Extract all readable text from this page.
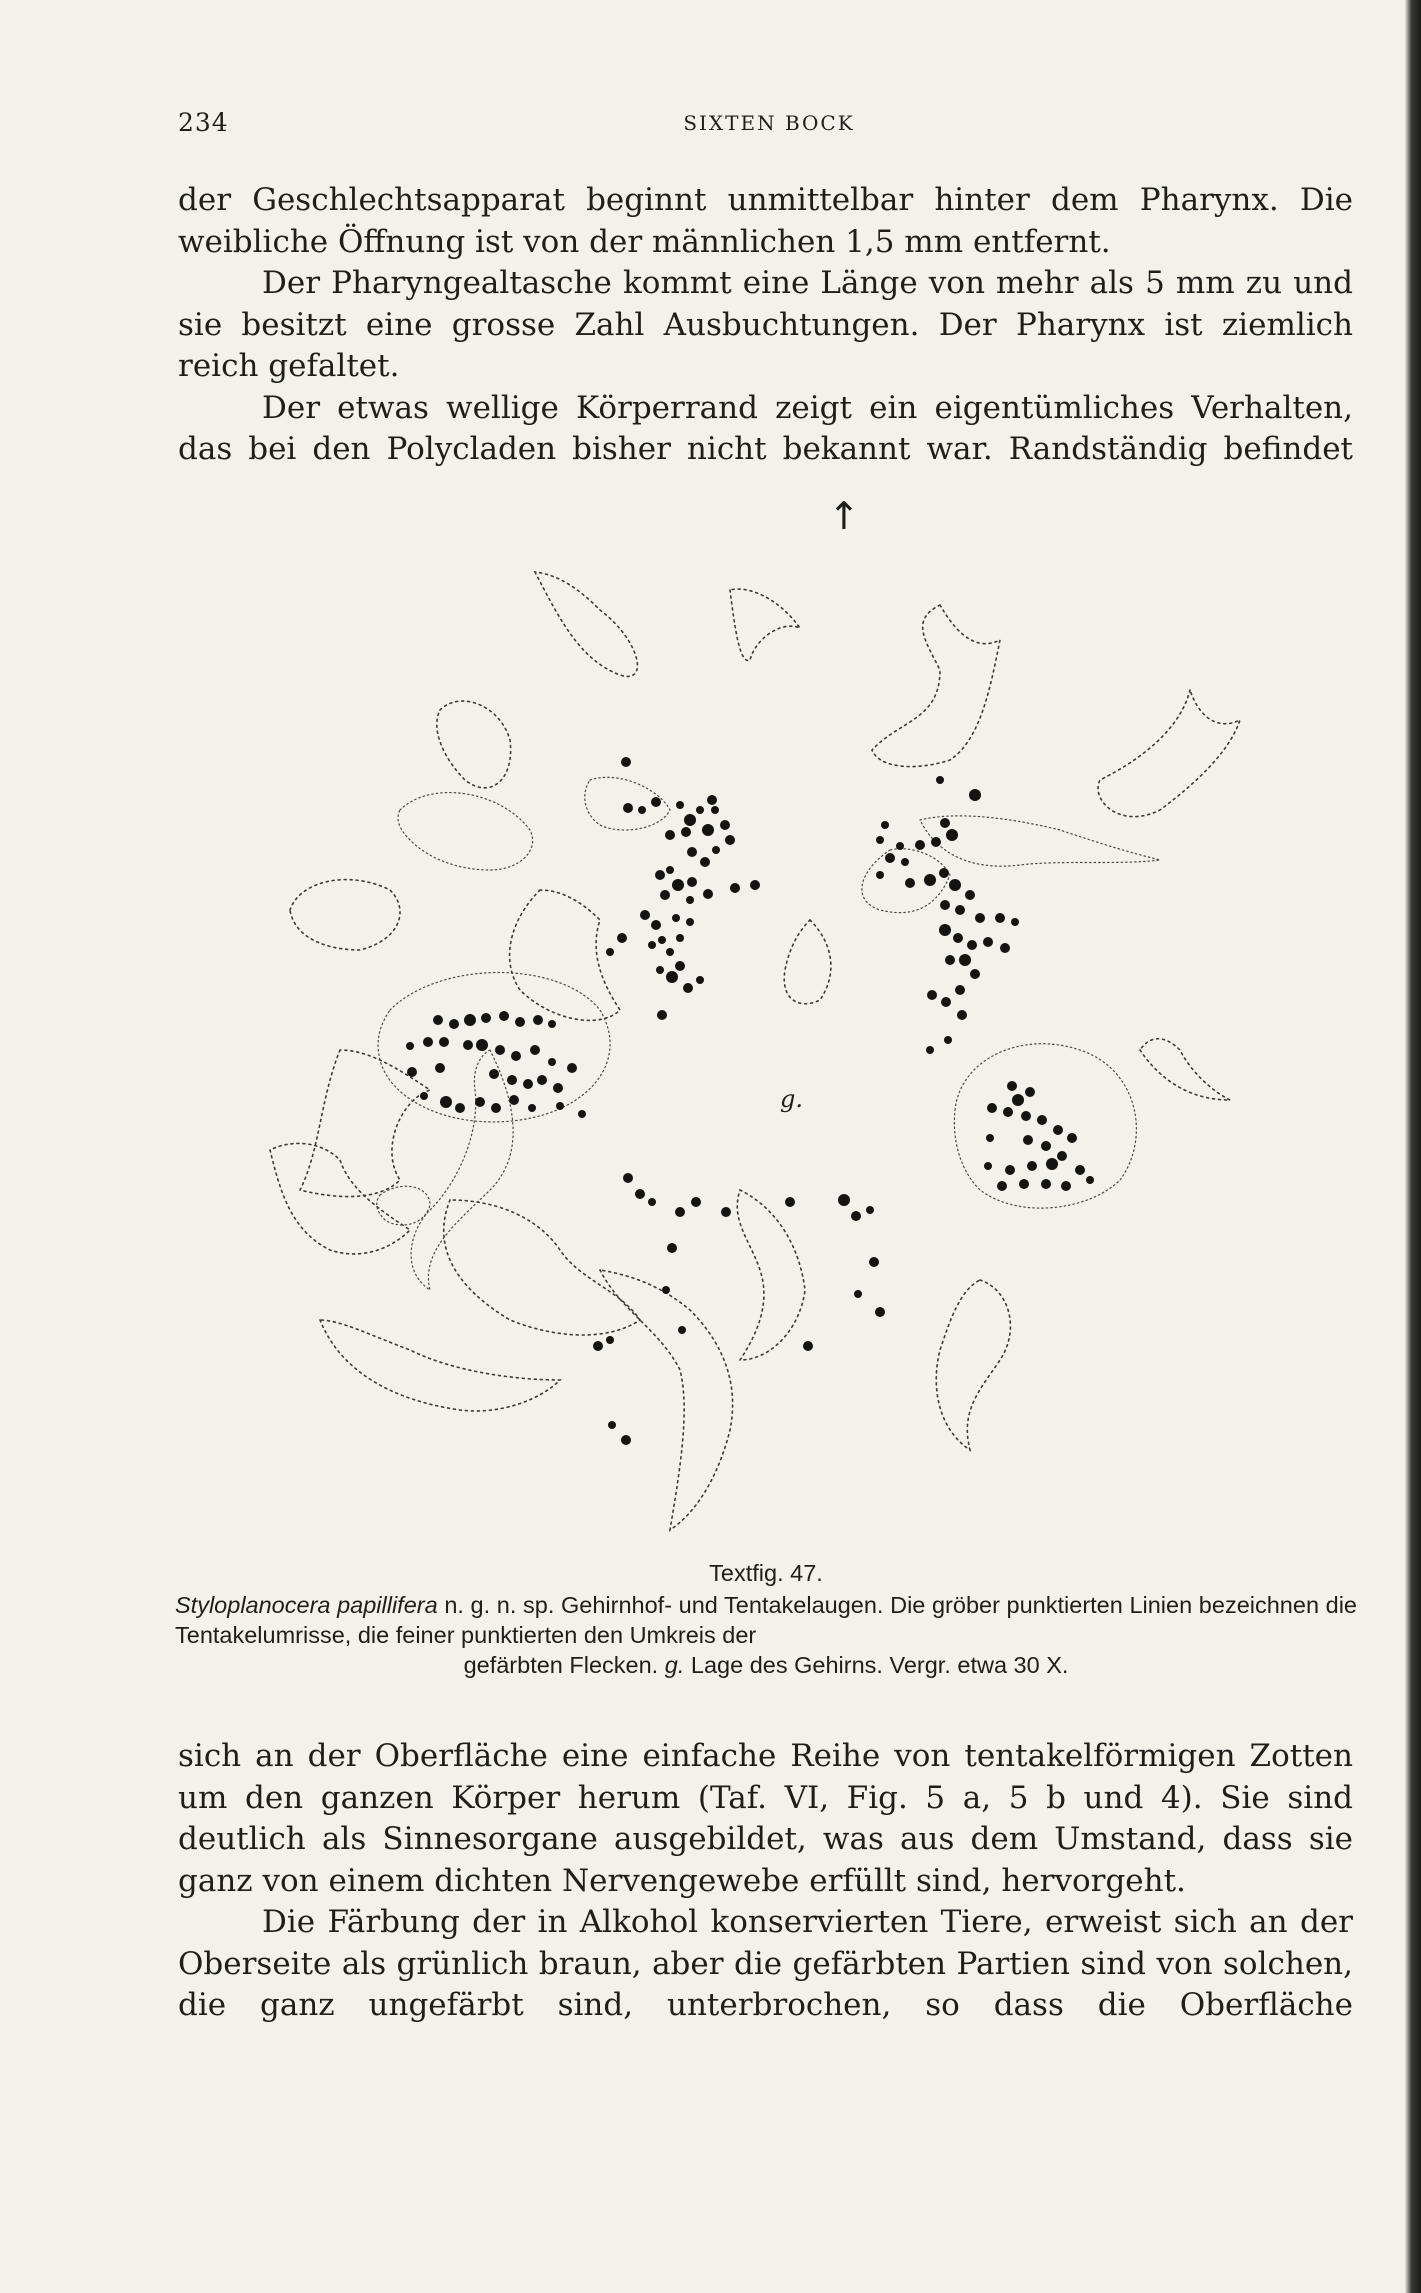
234	SIXTEN BOCK

der Geschlechtsapparat beginnt unmittelbar hinter dem Pharynx. Die weibliche Öffnung ist von der männlichen 1,5 mm entfernt.

Der Pharyngealtasche kommt eine Länge von mehr als 5 mm zu und sie besitzt eine grosse Zahl Ausbuchtungen. Der Pharynx ist ziemlich reich gefaltet.

Der etwas wellige Körperrand zeigt ein eigentümliches Verhalten, das bei den Polycladen bisher nicht bekannt war. Randständig befindet

↑
g.
Textfig. 47.
Styloplanocera papillifera n. g. n. sp. Gehirnhof- und Tentakelaugen. Die gröber punktierten Linien bezeichnen die Tentakelumrisse, die feiner punktierten den Umkreis der
gefärbten Flecken. g. Lage des Gehirns. Vergr. etwa 30 X.

sich an der Oberfläche eine einfache Reihe von tentakelförmigen Zotten um den ganzen Körper herum (Taf. VI, Fig. 5 a, 5 b und 4). Sie sind deutlich als Sinnesorgane ausgebildet, was aus dem Umstand, dass sie ganz von einem dichten Nervengewebe erfüllt sind, hervorgeht.

Die Färbung der in Alkohol konservierten Tiere, erweist sich an der Oberseite als grünlich braun, aber die gefärbten Partien sind von solchen, die ganz ungefärbt sind, unterbrochen, so dass die Oberfläche
